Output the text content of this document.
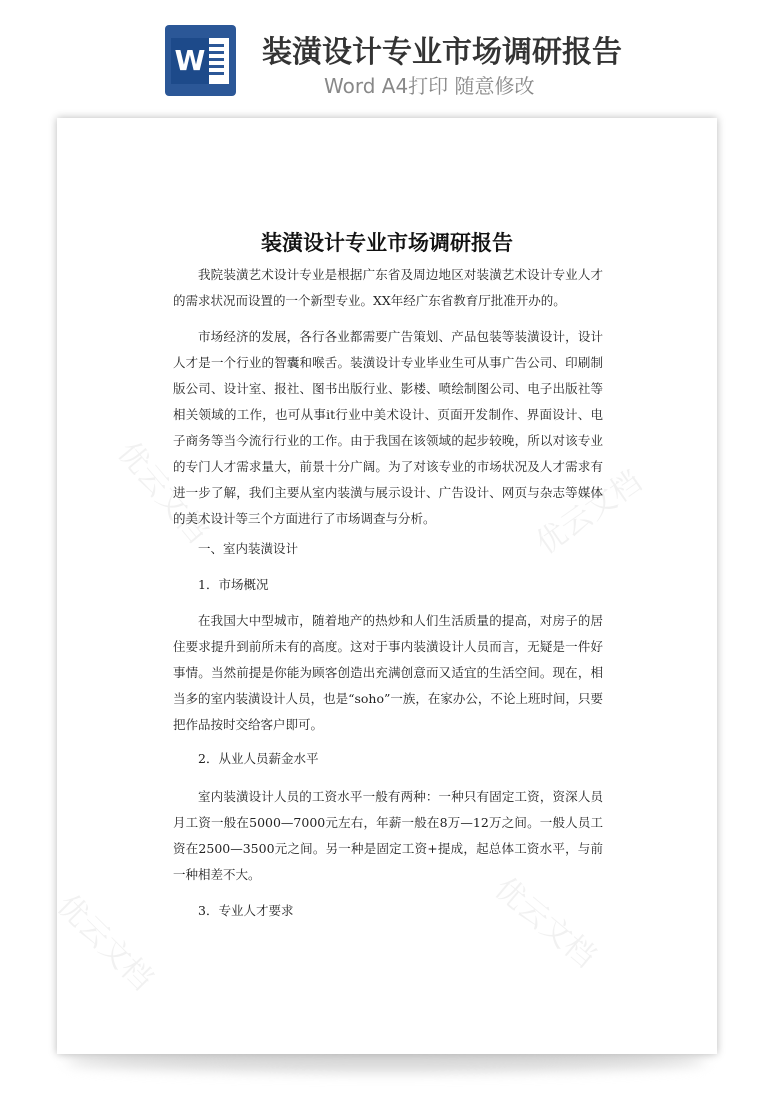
W 装潢设计专业市场调研报告
Word A4打印 随意修改
优云文档	优云文档
优云文档	优云文档
装潢设计专业市场调研报告

我院装潢艺术设计专业是根据广东省及周边地区对装潢艺术设计专业人才的需求状况而设置的一个新型专业。XX年经广东省教育厅批准开办的。

市场经济的发展，各行各业都需要广告策划、产品包装等装潢设计，设计人才是一个行业的智囊和喉舌。装潢设计专业毕业生可从事广告公司、印刷制版公司、设计室、报社、图书出版行业、影楼、喷绘制图公司、电子出版社等相关领域的工作，也可从事it行业中美术设计、页面开发制作、界面设计、电子商务等当今流行行业的工作。由于我国在该领域的起步较晚，所以对该专业的专门人才需求量大，前景十分广阔。为了对该专业的市场状况及人才需求有进一步了解，我们主要从室内装潢与展示设计、广告设计、网页与杂志等媒体的美术设计等三个方面进行了市场调查与分析。

一、室内装潢设计

1．市场概况

在我国大中型城市，随着地产的热炒和人们生活质量的提高，对房子的居住要求提升到前所未有的高度。这对于事内装潢设计人员而言，无疑是一件好事情。当然前提是你能为顾客创造出充满创意而又适宜的生活空间。现在，相当多的室内装潢设计人员，也是“soho”一族，在家办公，不论上班时间，只要把作品按时交给客户即可。

2．从业人员薪金水平

室内装潢设计人员的工资水平一般有两种：一种只有固定工资，资深人员月工资一般在5000—7000元左右，年薪一般在8万—12万之间。一般人员工资在2500—3500元之间。另一种是固定工资+提成，起总体工资水平，与前一种相差不大。

3．专业人才要求
